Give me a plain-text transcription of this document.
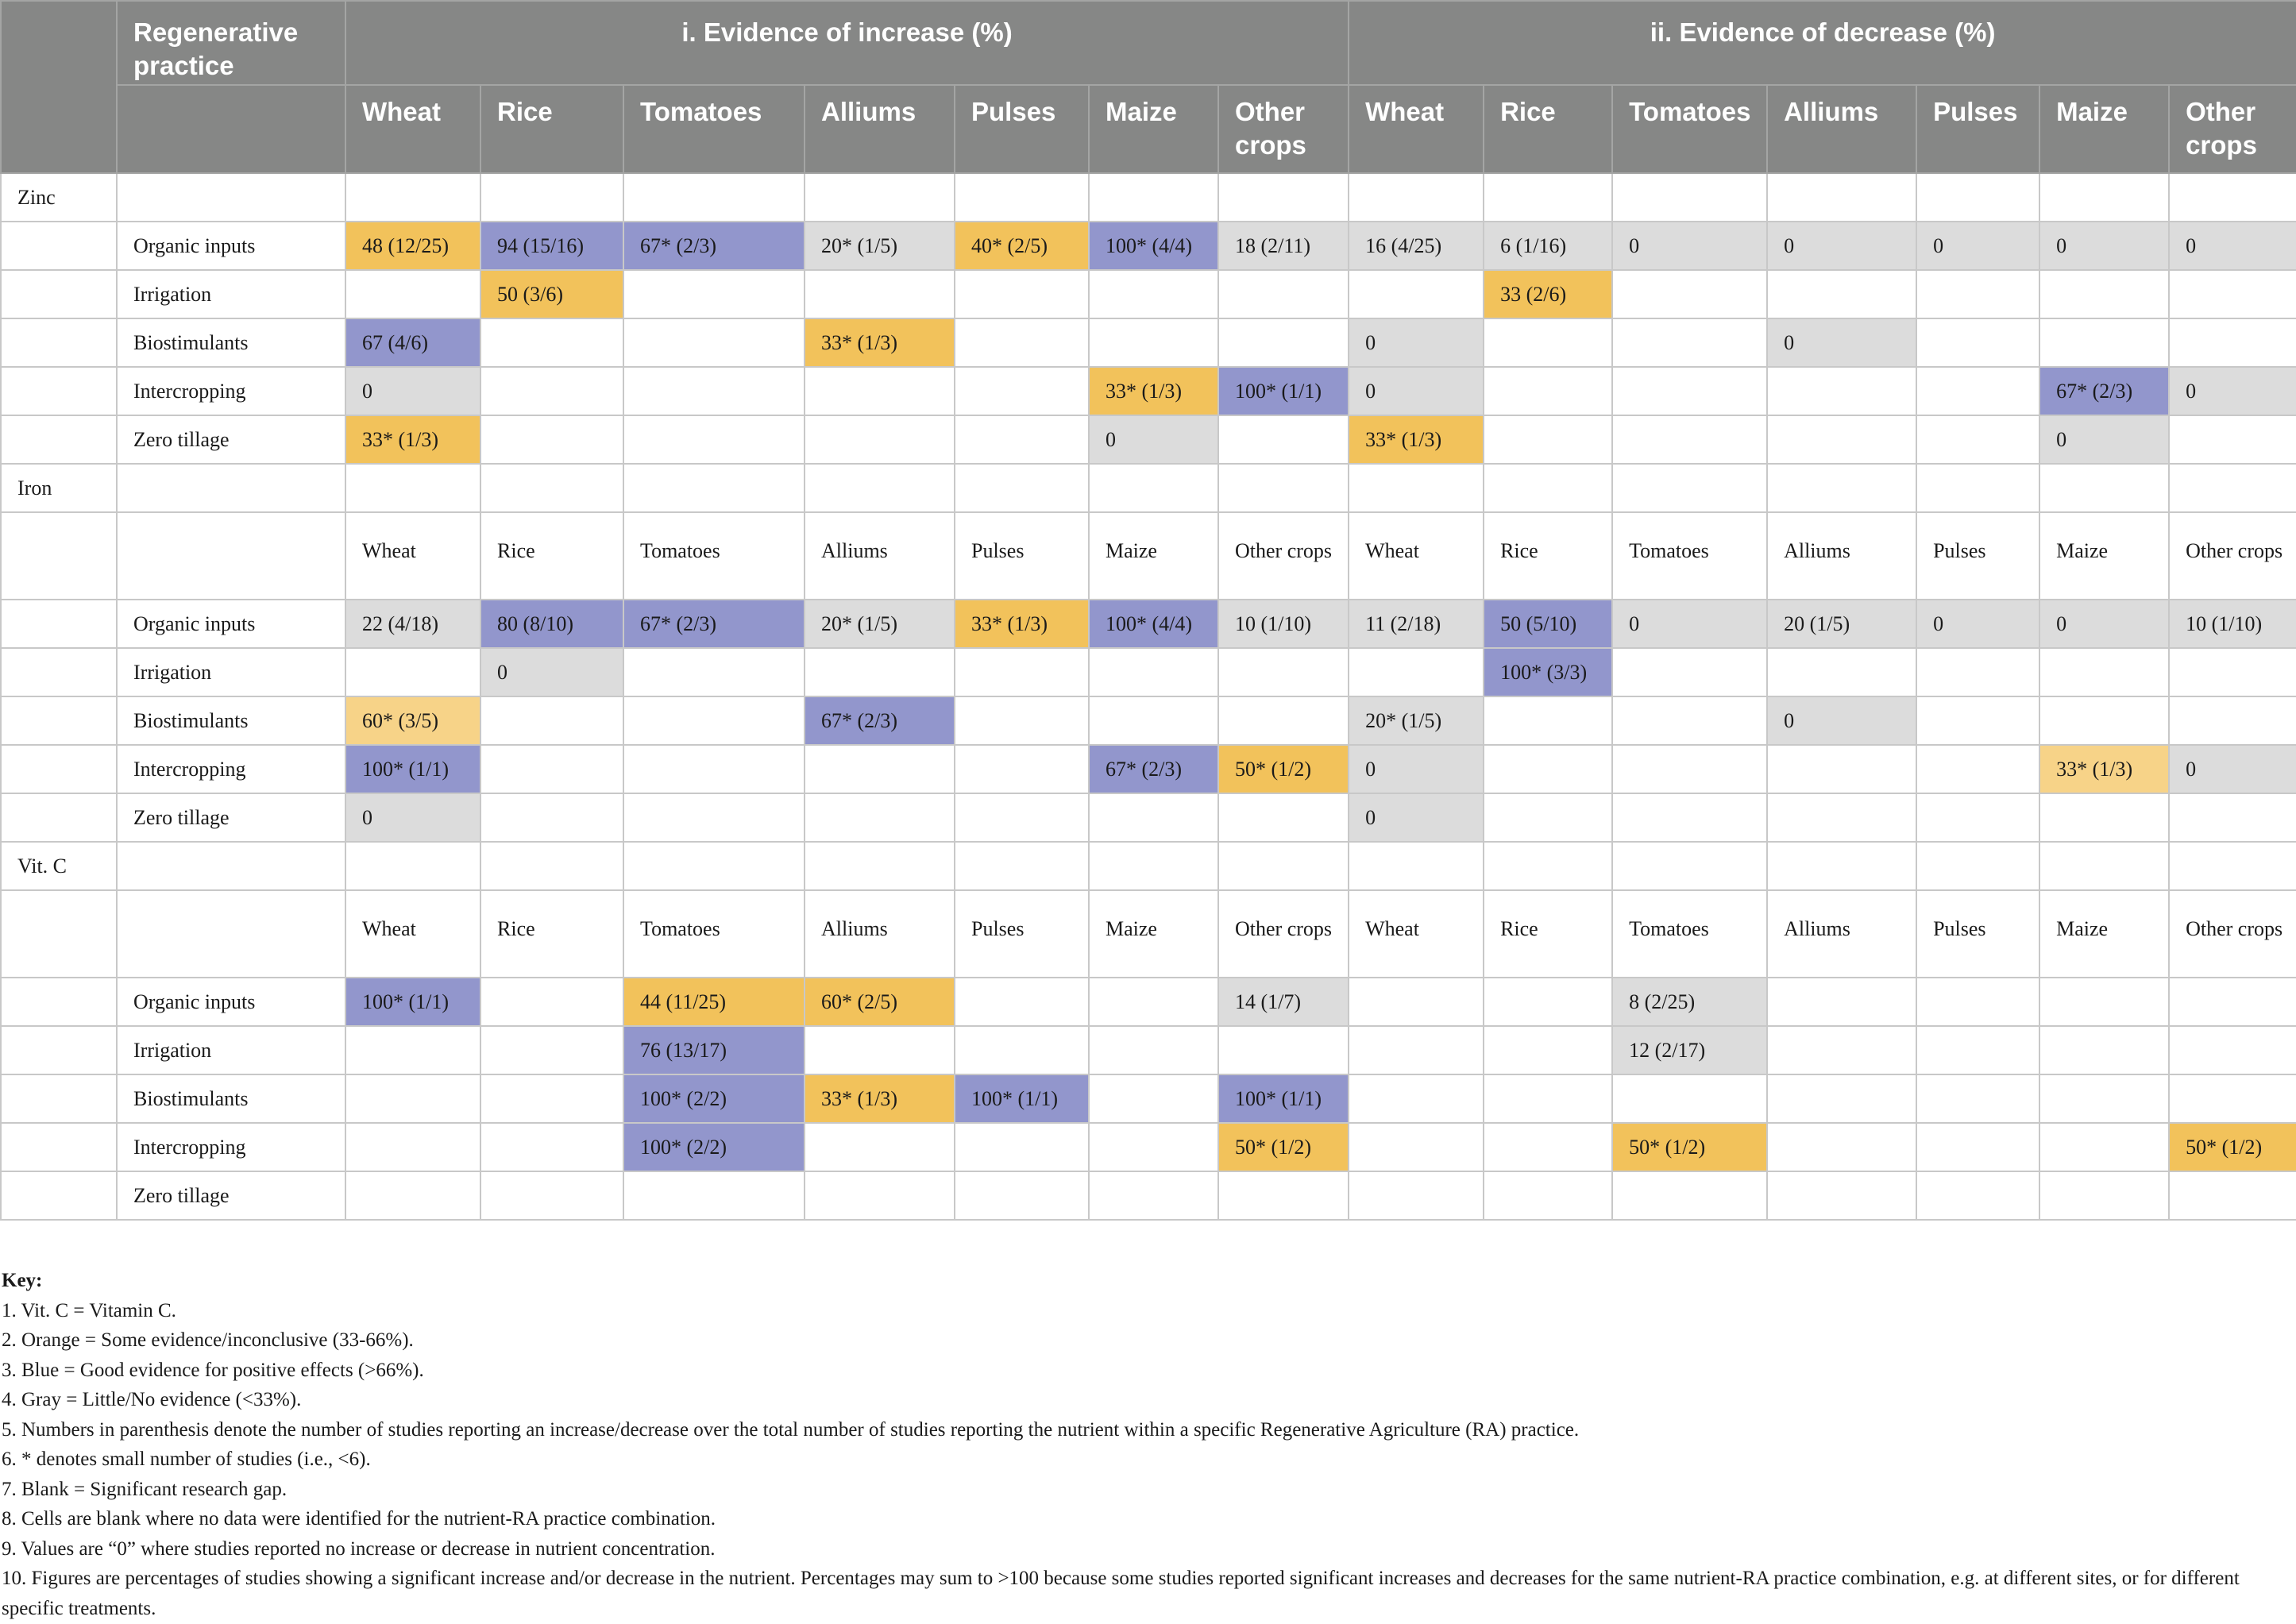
	Regenerative practice	i. Evidence of increase (%)							ii. Evidence of decrease (%)						
		Wheat	Rice	Tomatoes	Alliums	Pulses	Maize	Other crops	Wheat	Rice	Tomatoes	Alliums	Pulses	Maize	Other crops
Zinc															
	Organic inputs	48 (12/25)	94 (15/16)	67* (2/3)	20* (1/5)	40* (2/5)	100* (4/4)	18 (2/11)	16 (4/25)	6 (1/16)	0	0	0	0	0
	Irrigation		50 (3/6)							33 (2/6)					
	Biostimulants	67 (4/6)			33* (1/3)				0			0			
	Intercropping	0					33* (1/3)	100* (1/1)	0					67* (2/3)	0
	Zero tillage	33* (1/3)					0		33* (1/3)					0	
Iron															
		Wheat	Rice	Tomatoes	Alliums	Pulses	Maize	Other crops	Wheat	Rice	Tomatoes	Alliums	Pulses	Maize	Other crops
	Organic inputs	22 (4/18)	80 (8/10)	67* (2/3)	20* (1/5)	33* (1/3)	100* (4/4)	10 (1/10)	11 (2/18)	50 (5/10)	0	20 (1/5)	0	0	10 (1/10)
	Irrigation		0							100* (3/3)					
	Biostimulants	60* (3/5)			67* (2/3)				20* (1/5)			0			
	Intercropping	100* (1/1)					67* (2/3)	50* (1/2)	0					33* (1/3)	0
	Zero tillage	0							0						
Vit. C															
		Wheat	Rice	Tomatoes	Alliums	Pulses	Maize	Other crops	Wheat	Rice	Tomatoes	Alliums	Pulses	Maize	Other crops
	Organic inputs	100* (1/1)		44 (11/25)	60* (2/5)			14 (1/7)			8 (2/25)				
	Irrigation			76 (13/17)							12 (2/17)				
	Biostimulants			100* (2/2)	33* (1/3)	100* (1/1)		100* (1/1)							
	Intercropping			100* (2/2)				50* (1/2)			50* (1/2)				50* (1/2)
	Zero tillage														
Key:
1. Vit. C = Vitamin C.
2. Orange = Some evidence/inconclusive (33-66%).
3. Blue = Good evidence for positive effects (>66%).
4. Gray = Little/No evidence (<33%).
5. Numbers in parenthesis denote the number of studies reporting an increase/decrease over the total number of studies reporting the nutrient within a specific Regenerative Agriculture (RA) practice.
6. * denotes small number of studies (i.e., <6).
7. Blank = Significant research gap.
8. Cells are blank where no data were identified for the nutrient-RA practice combination.
9. Values are “0” where studies reported no increase or decrease in nutrient concentration.
10. Figures are percentages of studies showing a significant increase and/or decrease in the nutrient. Percentages may sum to >100 because some studies reported significant increases and decreases for the same nutrient-RA practice combination, e.g. at different sites, or for different specific treatments.
